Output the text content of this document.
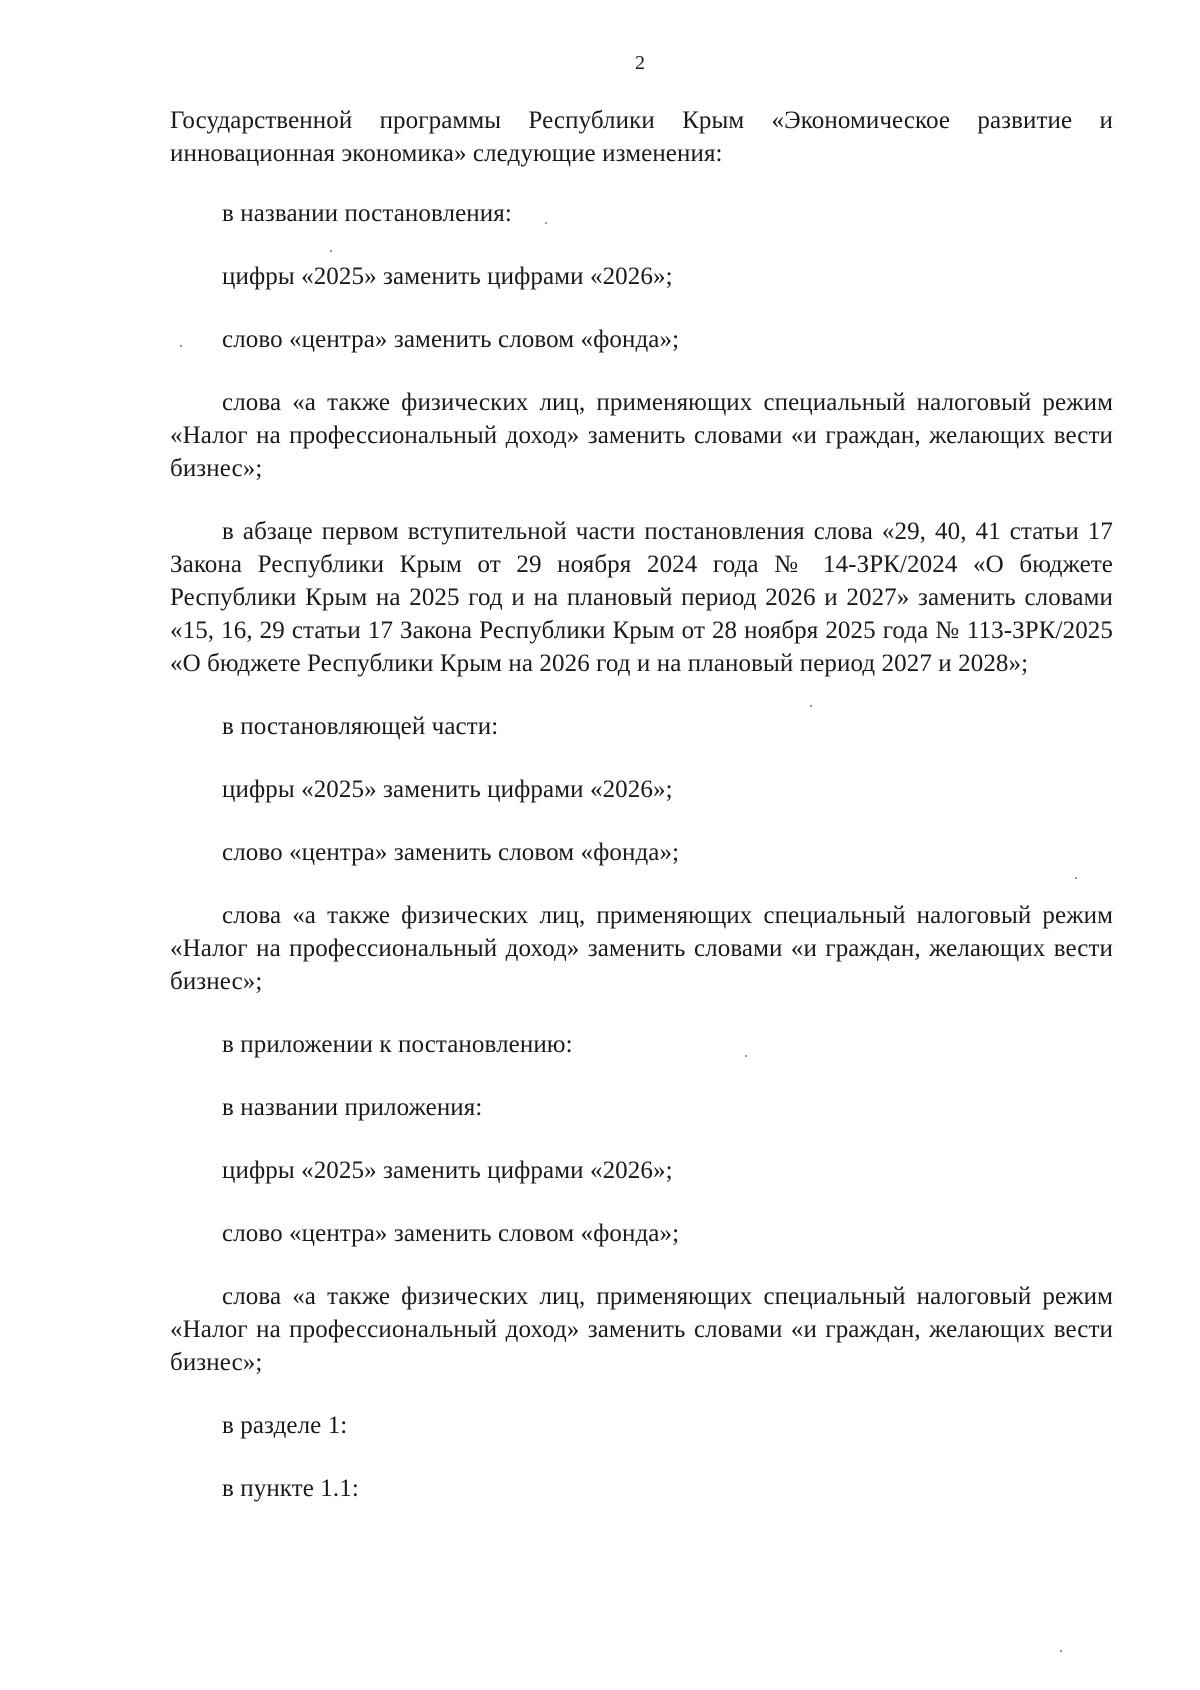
2

Государственной программы Республики Крым «Экономическое развитие и инновационная экономика» следующие изменения:

в названии постановления:

цифры «2025» заменить цифрами «2026»;

слово «центра» заменить словом «фонда»;

слова «а также физических лиц, применяющих специальный налоговый режим «Налог на профессиональный доход» заменить словами «и граждан, желающих вести бизнес»;

в абзаце первом вступительной части постановления слова «29, 40, 41 статьи 17 Закона Республики Крым от 29 ноября 2024 года № 14-ЗРК/2024 «О бюджете Республики Крым на 2025 год и на плановый период 2026 и 2027» заменить словами «15, 16, 29 статьи 17 Закона Республики Крым от 28 ноября 2025 года № 113-ЗРК/2025 «О бюджете Республики Крым на 2026 год и на плановый период 2027 и 2028»;

в постановляющей части:

цифры «2025» заменить цифрами «2026»;

слово «центра» заменить словом «фонда»;

слова «а также физических лиц, применяющих специальный налоговый режим «Налог на профессиональный доход» заменить словами «и граждан, желающих вести бизнес»;

в приложении к постановлению:

в названии приложения:

цифры «2025» заменить цифрами «2026»;

слово «центра» заменить словом «фонда»;

слова «а также физических лиц, применяющих специальный налоговый режим «Налог на профессиональный доход» заменить словами «и граждан, желающих вести бизнес»;

в разделе 1:

в пункте 1.1:
